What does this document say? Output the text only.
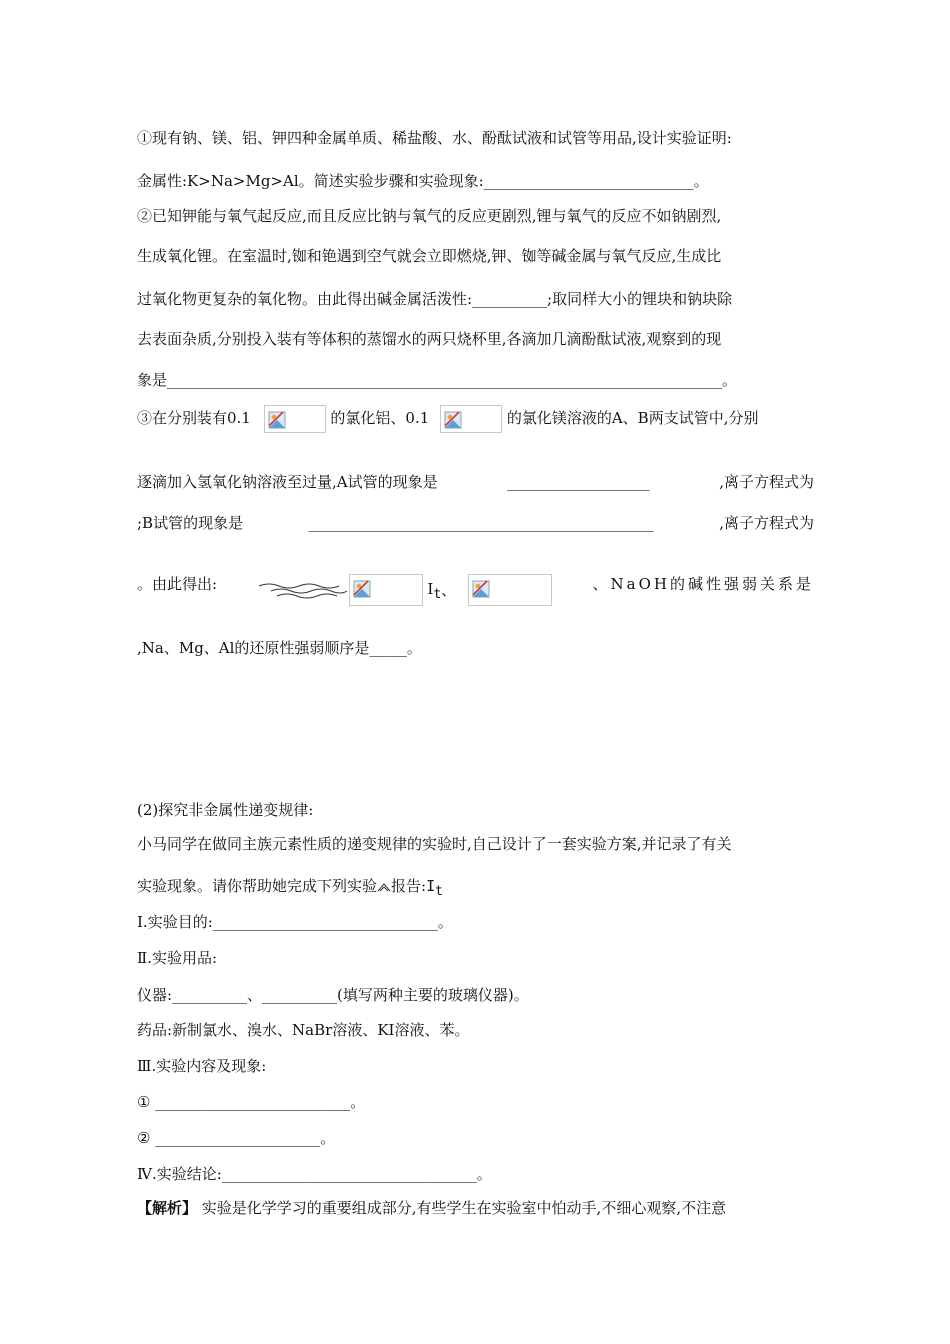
①现有钠、镁、铝、钾四种金属单质、稀盐酸、水、酚酞试液和试管等用品,设计实验证明:
金属性:K>Na>Mg>Al。简述实验步骤和实验现象:____________________________。
②已知钾能与氧气起反应,而且反应比钠与氧气的反应更剧烈,锂与氧气的反应不如钠剧烈,
生成氧化锂。在室温时,铷和铯遇到空气就会立即燃烧,钾、铷等碱金属与氧气反应,生成比
过氧化物更复杂的氧化物。由此得出碱金属活泼性:__________;取同样大小的锂块和钠块除
去表面杂质,分别投入装有等体积的蒸馏水的两只烧杯里,各滴加几滴酚酞试液,观察到的现
象是__________________________________________________________________________。
③在分别装有0.1	的氯化铝、0.1	的氯化镁溶液的A、B两支试管中,分别
逐滴加入氢氧化钠溶液至过量,A试管的现象是	___________________	,离子方程式为
;B试管的现象是	______________________________________________	,离子方程式为
。由此得出:	It 、	、NaOH的碱性强弱关系是
,Na、Mg、Al的还原性强弱顺序是_____。
(2)探究非金属性递变规律:
小马同学在做同主族元素性质的递变规律的实验时,自己设计了一套实验方案,并记录了有关
实验现象。请你帮助她完成下列实验 报告:It
Ⅰ.实验目的:______________________________。
Ⅱ.实验用品:
仪器:__________、__________(填写两种主要的玻璃仪器)。
药品:新制氯水、溴水、NaBr溶液、KI溶液、苯。
Ⅲ.实验内容及现象:
① __________________________。
② ______________________。
Ⅳ.实验结论:__________________________________。
【解析】 实验是化学学习的重要组成部分,有些学生在实验室中怕动手,不细心观察,不注意
